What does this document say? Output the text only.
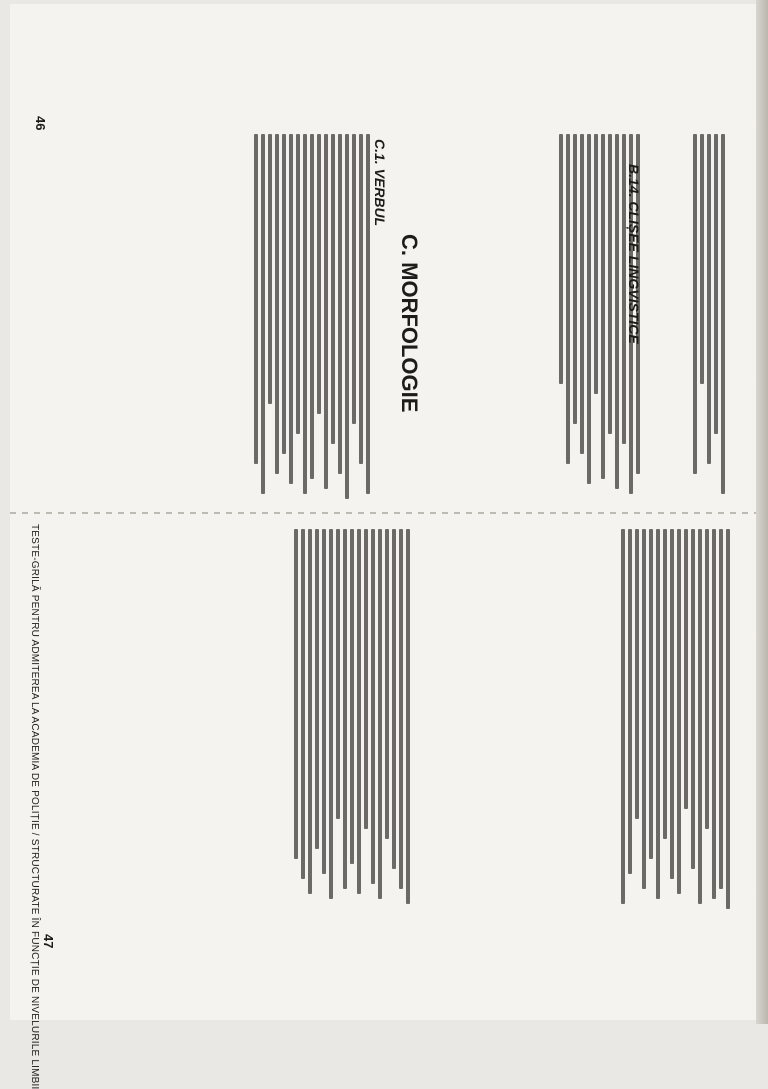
C. MORFOLOGIE	B.14. CLIȘEE LINGVISTICE
C.1. VERBUL
46
TESTE-GRILĂ PENTRU ADMITEREA LA ACADEMIA DE POLIȚIE / STRUCTURATE ÎN FUNCȚIE DE NIVELURILE LIMBII 47
